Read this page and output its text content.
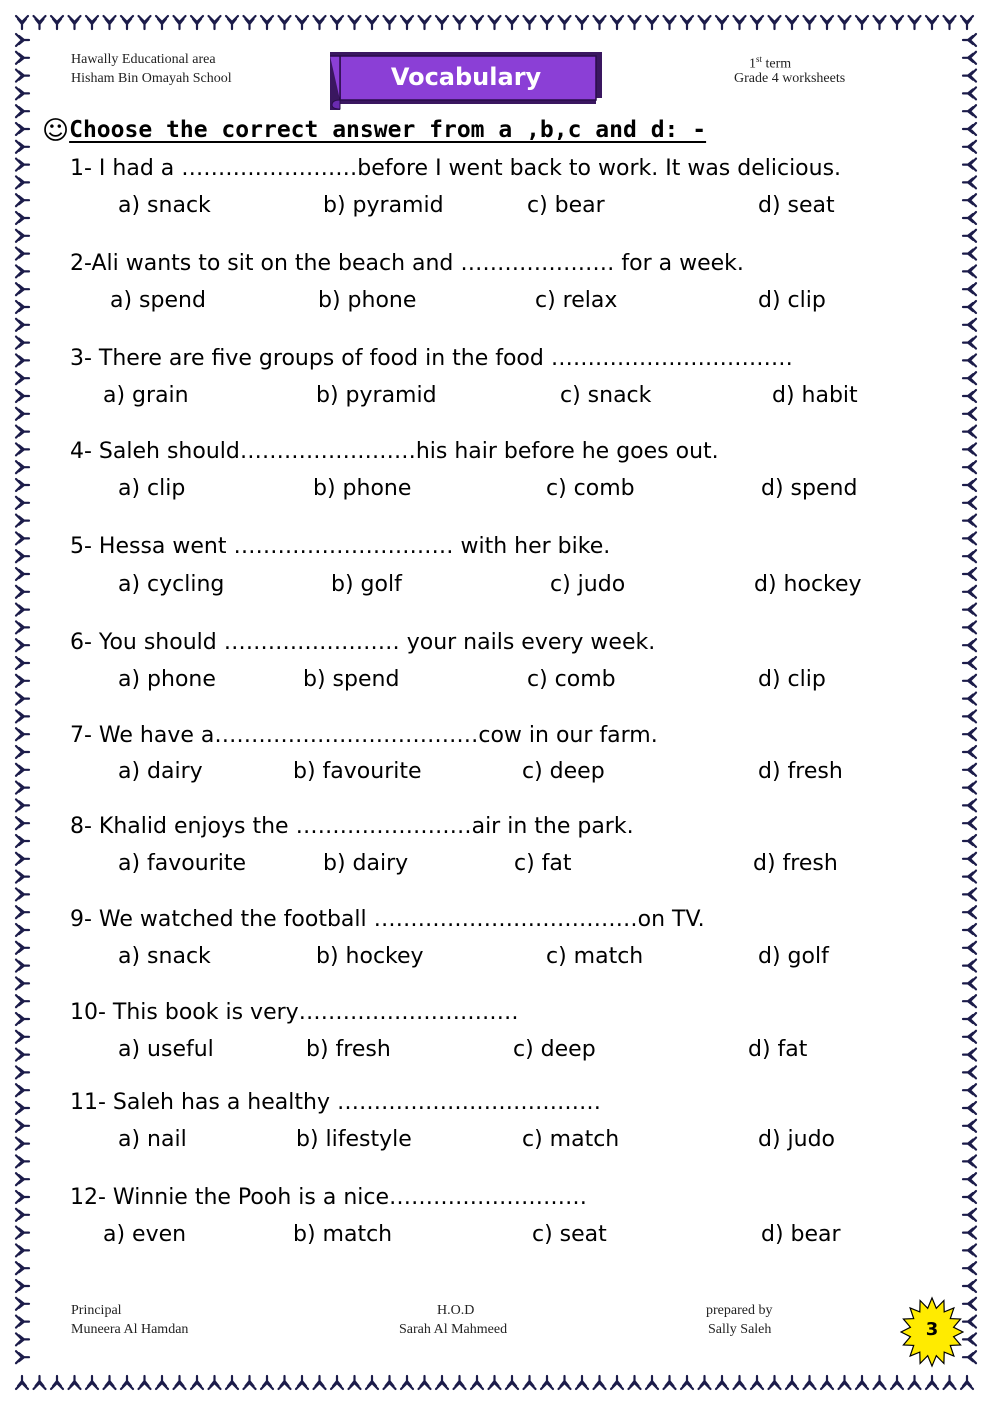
Hawally Educational area
Hisham Bin Omayah School
1st term
Grade 4 worksheets
Vocabulary
☺Choose the correct answer from a ,b,c and d: -
1- I had a ……………………before I went back to work. It was delicious.
a) snack	b) pyramid	c) bear	d) seat
2-Ali wants to sit on the beach and ………………… for a week.
a) spend	b) phone	c) relax	d) clip
3- There are five groups of food in the food ……………………………
a) grain	b) pyramid	c) snack	d) habit
4- Saleh should……………………his hair before he goes out.
a) clip	b) phone	c) comb	d) spend
5- Hessa went ………………………… with her bike.
a) cycling	b) golf	c) judo	d) hockey
6- You should …………………… your nails every week.
a) phone	b) spend	c) comb	d) clip
7- We have a………………………………cow in our farm.
a) dairy	b) favourite	c) deep	d) fresh
8- Khalid enjoys the ……………………air in the park.
a) favourite	b) dairy	c) fat	d) fresh
9- We watched the football ………………………………on TV.
a) snack	b) hockey	c) match	d) golf
10- This book is very…………………………
a) useful	b) fresh	c) deep	d) fat
11- Saleh has a healthy ………………………………
a) nail	b) lifestyle	c) match	d) judo
12- Winnie the Pooh is a nice………………………
a) even	b) match	c) seat	d) bear
Principal
Muneera Al Hamdan
H.O.D
Sarah Al Mahmeed
prepared by
Sally Saleh	3
